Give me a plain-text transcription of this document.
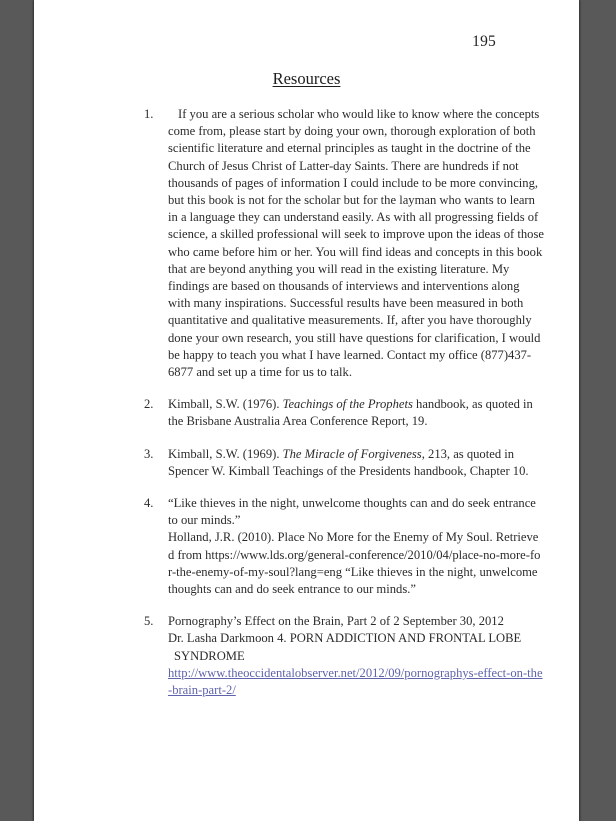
195
Resources
1.	If you are a serious scholar who would like to know where the concepts come from, please start by doing your own, thorough exploration of both scientific literature and eternal principles as taught in the doctrine of the Church of Jesus Christ of Latter-day Saints. There are hundreds if not thousands of pages of information I could include to be more convincing, but this book is not for the scholar but for the layman who wants to learn in a language they can understand easily. As with all progressing fields of science, a skilled professional will seek to improve upon the ideas of those who came before him or her. You will find ideas and concepts in this book that are beyond anything you will read in the existing literature. My findings are based on thousands of interviews and interventions along with many inspirations. Successful results have been measured in both quantitative and qualitative measurements. If, after you have thoroughly done your own research, you still have questions for clarification, I would be happy to teach you what I have learned. Contact my office (877)437-6877 and set up a time for us to talk.
2.	Kimball, S.W. (1976). Teachings of the Prophets handbook, as quoted in the Brisbane Australia Area Conference Report, 19.
3.	Kimball, S.W. (1969). The Miracle of Forgiveness, 213, as quoted in Spencer W. Kimball Teachings of the Presidents handbook, Chapter 10.
4.	“Like thieves in the night, unwelcome thoughts can and do seek entrance to our minds.”
Holland, J.R. (2010). Place No More for the Enemy of My Soul. Retrieved from https://www.lds.org/general-conference/2010/04/place-no-more-for-the-enemy-of-my-soul?lang=eng “Like thieves in the night, unwelcome thoughts can and do seek entrance to our minds.”
5.	Pornography’s Effect on the Brain, Part 2 of 2 September 30, 2012
Dr. Lasha Darkmoon 4. PORN ADDICTION AND FRONTAL LOBE
SYNDROME
http://www.theoccidentalobserver.net/2012/09/pornographys-effect-on-the-brain-part-2/
